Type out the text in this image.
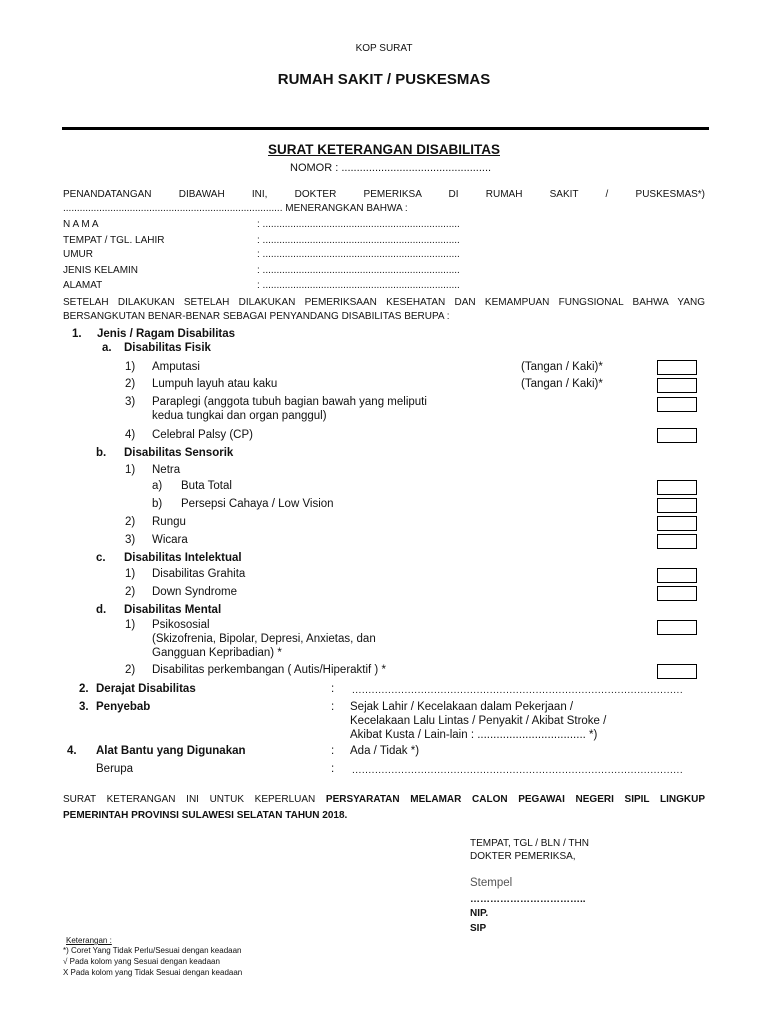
KOP SURAT
RUMAH SAKIT / PUSKESMAS
SURAT KETERANGAN DISABILITAS
NOMOR : .................................................
PENANDATANGAN DIBAWAH INI, DOKTER PEMERIKSA DI RUMAH SAKIT / PUSKESMAS*)
............................................................................... MENERANGKAN BAHWA :
N A M A	: .......................................................................
TEMPAT / TGL. LAHIR	: .......................................................................
UMUR	: .......................................................................
JENIS KELAMIN	: .......................................................................
ALAMAT	: .......................................................................
SETELAH DILAKUKAN SETELAH DILAKUKAN PEMERIKSAAN KESEHATAN DAN KEMAMPUAN FUNGSIONAL BAHWA YANG
BERSANGKUTAN BENAR-BENAR SEBAGAI PENYANDANG DISABILITAS BERUPA :
1. Jenis / Ragam Disabilitas
a. Disabilitas Fisik
1) Amputasi	(Tangan / Kaki)*
2) Lumpuh layuh atau kaku	(Tangan / Kaki)*
3) Paraplegi (anggota tubuh bagian bawah yang meliputi
kedua tungkai dan organ panggul)
4) Celebral Palsy (CP)
b. Disabilitas Sensorik
1) Netra
a) Buta Total
b) Persepsi Cahaya / Low Vision
2) Rungu
3) Wicara
c. Disabilitas Intelektual
1) Disabilitas Grahita
2) Down Syndrome
d. Disabilitas Mental
1) Psikososial
(Skizofrenia, Bipolar, Depresi, Anxietas, dan
Gangguan Kepribadian) *
2) Disabilitas perkembangan ( Autis/Hiperaktif ) *
2. Derajat Disabilitas	: .....................................................................................................
3. Penyebab	: Sejak Lahir / Kecelakaan dalam Pekerjaan /
Kecelakaan Lalu Lintas / Penyakit / Akibat Stroke /
Akibat Kusta / Lain-lain : .................................. *)
4. Alat Bantu yang Digunakan	: Ada / Tidak *)
Berupa	: .....................................................................................................
SURAT KETERANGAN INI UNTUK KEPERLUAN PERSYARATAN MELAMAR CALON PEGAWAI NEGERI SIPIL LINGKUP
PEMERINTAH PROVINSI SULAWESI SELATAN TAHUN 2018.
TEMPAT, TGL / BLN / THN
DOKTER PEMERIKSA,
Stempel
……………………………..
NIP.
SIP
Keterangan :
*) Coret Yang Tidak Perlu/Sesuai dengan keadaan
√ Pada kolom yang Sesuai dengan keadaan
X Pada kolom yang Tidak Sesuai dengan keadaan
